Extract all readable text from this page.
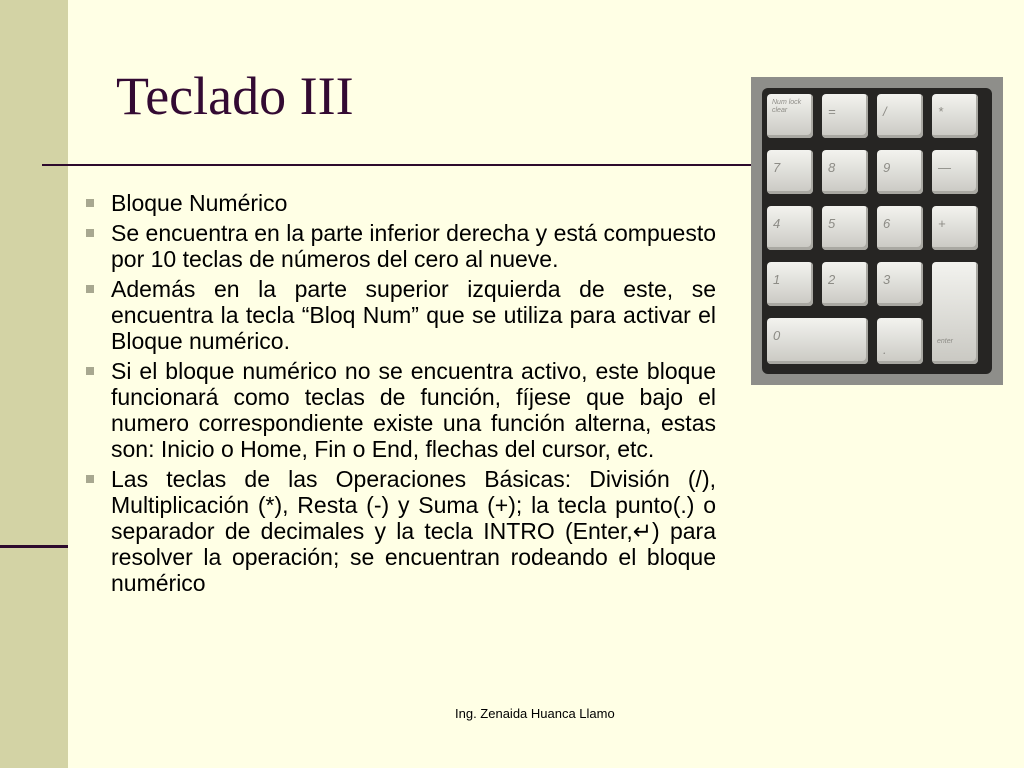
Teclado III
Bloque Numérico
Se encuentra en la parte inferior derecha y está compuesto por 10 teclas de números del cero al nueve.
Además en la parte superior izquierda de este, se encuentra la tecla “Bloq Num” que se utiliza para activar el Bloque numérico.
Si el bloque numérico no se encuentra activo, este bloque funcionará como teclas de función, fíjese que bajo el numero correspondiente existe una función alterna, estas son: Inicio o Home, Fin o End, flechas del cursor, etc.
Las teclas de las Operaciones Básicas: División (/), Multiplicación (*), Resta (-) y Suma (+); la tecla punto(.) o separador de decimales y la tecla INTRO (Enter,↵) para resolver la operación; se encuentran rodeando el bloque numérico
Num lock clear	=	/	*
7	8	9	—
4	5	6	+
1	2	3
enter
0
.
Ing. Zenaida Huanca Llamo
